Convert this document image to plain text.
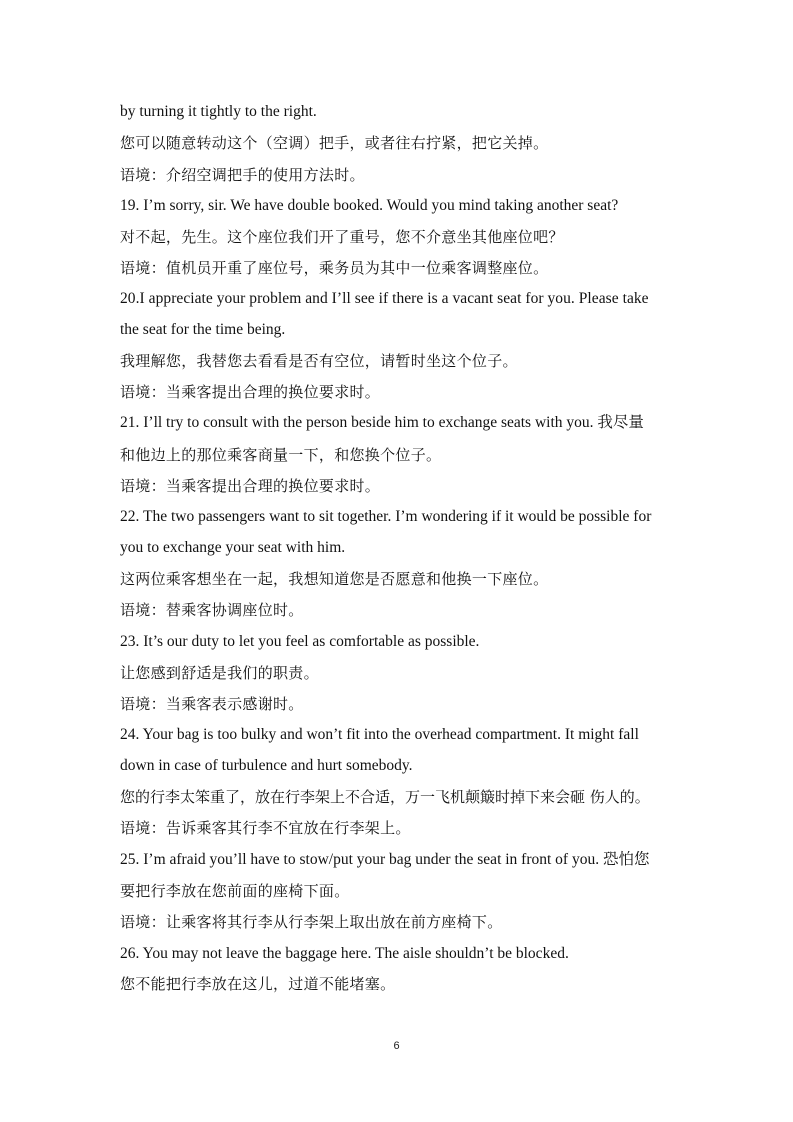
by turning it tightly to the right.
您可以随意转动这个（空调）把手，或者往右拧紧，把它关掉。
语境：介绍空调把手的使用方法时。
19. I’m sorry, sir. We have double booked. Would you mind taking another seat?
对不起，先生。这个座位我们开了重号，您不介意坐其他座位吧？
语境：值机员开重了座位号，乘务员为其中一位乘客调整座位。
20.I appreciate your problem and I’ll see if there is a vacant seat for you. Please take
the seat for the time being.
我理解您，我替您去看看是否有空位，请暂时坐这个位子。
语境：当乘客提出合理的换位要求时。
21. I’ll try to consult with the person beside him to exchange seats with you. 我尽量
和他边上的那位乘客商量一下，和您换个位子。
语境：当乘客提出合理的换位要求时。
22. The two passengers want to sit together. I’m wondering if it would be possible for
you to exchange your seat with him.
这两位乘客想坐在一起，我想知道您是否愿意和他换一下座位。
语境：替乘客协调座位时。
23. It’s our duty to let you feel as comfortable as possible.
让您感到舒适是我们的职责。
语境：当乘客表示感谢时。
24. Your bag is too bulky and won’t fit into the overhead compartment. It might fall
down in case of turbulence and hurt somebody.
您的行李太笨重了，放在行李架上不合适，万一飞机颠簸时掉下来会砸 伤人的。
语境：告诉乘客其行李不宜放在行李架上。
25. I’m afraid you’ll have to stow/put your bag under the seat in front of you. 恐怕您
要把行李放在您前面的座椅下面。
语境：让乘客将其行李从行李架上取出放在前方座椅下。
26. You may not leave the baggage here. The aisle shouldn’t be blocked.
您不能把行李放在这儿，过道不能堵塞。
6
